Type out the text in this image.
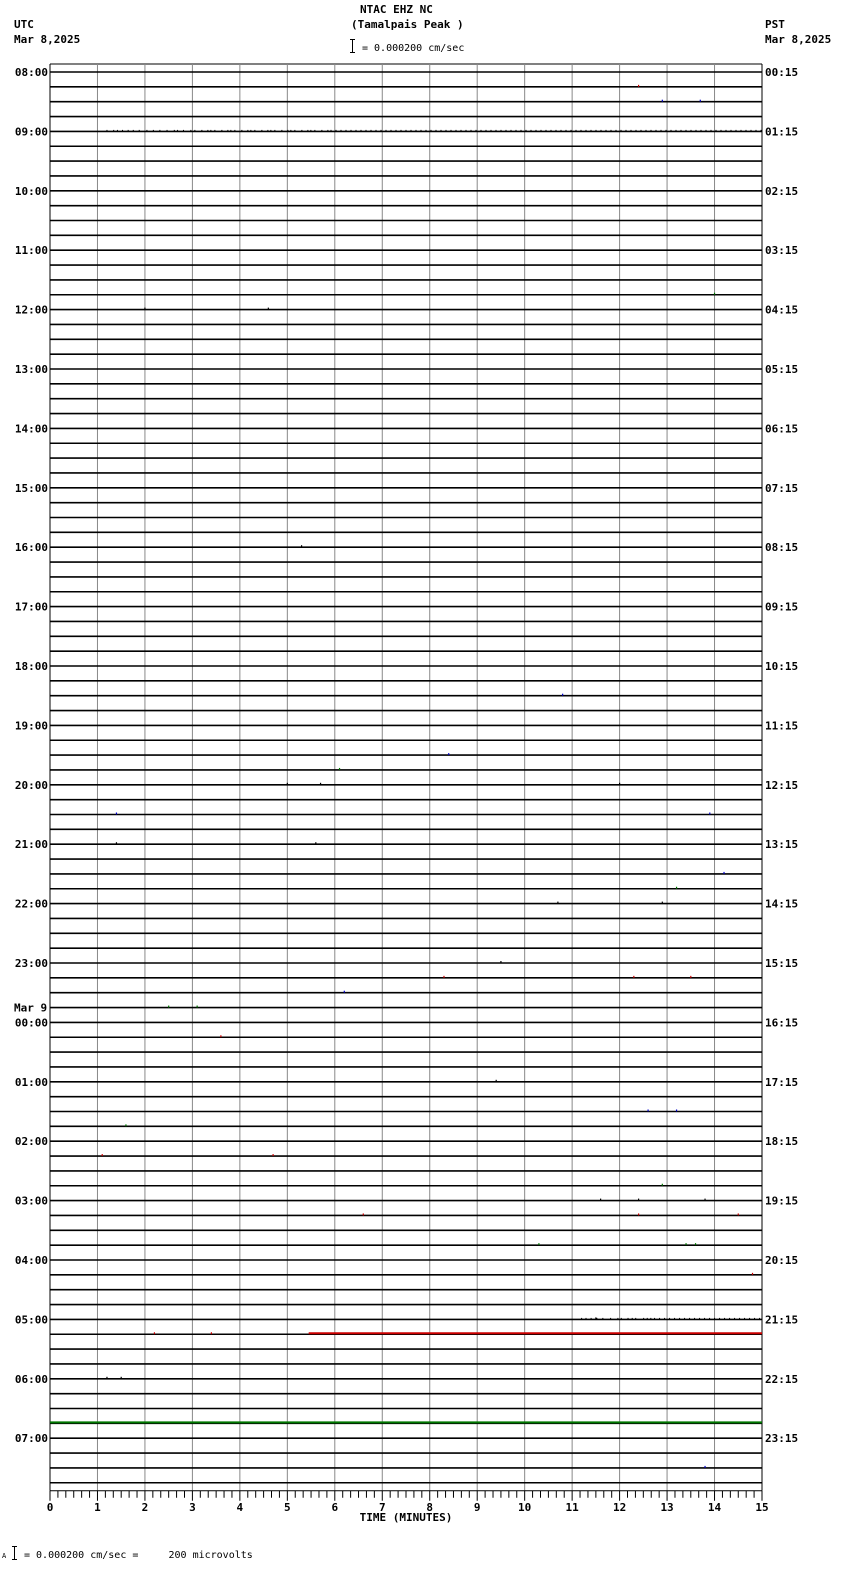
NTAC EHZ NC
(Tamalpais Peak )
UTC
Mar 8,2025
PST
Mar 8,2025
= 0.000200 cm/sec
0	1	2	3	4	5	6	7	8	9	10	11	12	13	14	15
TIME (MINUTES)
08:00
09:00
10:00
11:00
12:00
13:00
14:00
15:00
16:00
17:00
18:00
19:00
20:00
21:00
22:00
23:00
00:00
Mar 9
01:00
02:00
03:00
04:00
05:00
06:00
07:00
00:15
01:15
02:15
03:15
04:15
05:15
06:15
07:15
08:15
09:15
10:15
11:15
12:15
13:15
14:15
15:15
16:15
17:15
18:15
19:15
20:15
21:15
22:15
23:15
A = 0.000200 cm/sec =     200 microvolts
